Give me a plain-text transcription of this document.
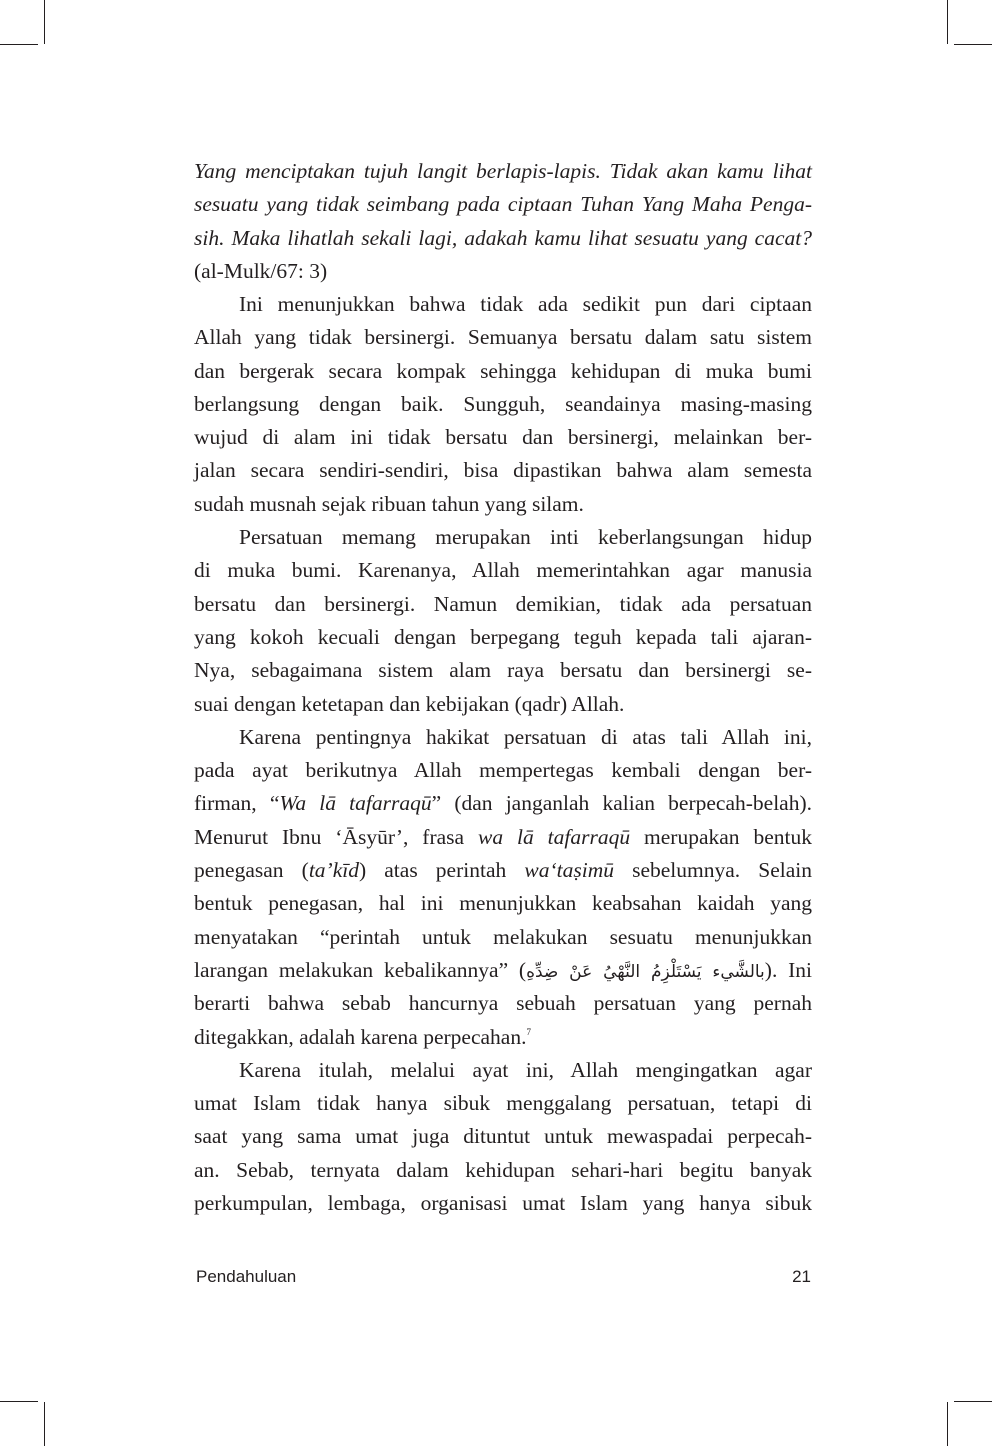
Yang menciptakan tujuh langit berlapis-lapis. Tidak akan kamu lihat
sesuatu yang tidak seimbang pada ciptaan Tuhan Yang Maha Penga-
sih. Maka lihatlah sekali lagi, adakah kamu lihat sesuatu yang cacat?
(al-Mulk/67: 3)
Ini menunjukkan bahwa tidak ada sedikit pun dari ciptaan
Allah yang tidak bersinergi. Semuanya bersatu dalam satu sistem
dan bergerak secara kompak sehingga kehidupan di muka bumi
berlangsung dengan baik. Sungguh, seandainya masing-masing
wujud di alam ini tidak bersatu dan bersinergi, melainkan ber-
jalan secara sendiri-sendiri, bisa dipastikan bahwa alam semesta
sudah musnah sejak ribuan tahun yang silam.
Persatuan memang merupakan inti keberlangsungan hidup
di muka bumi. Karenanya, Allah memerintahkan agar manusia
bersatu dan bersinergi. Namun demikian, tidak ada persatuan
yang kokoh kecuali dengan berpegang teguh kepada tali ajaran-
Nya, sebagaimana sistem alam raya bersatu dan bersinergi se-
suai dengan ketetapan dan kebijakan (qadr) Allah.
Karena pentingnya hakikat persatuan di atas tali Allah ini,
pada ayat berikutnya Allah mempertegas kembali dengan ber-
firman, “Wa lā tafarraqū” (dan janganlah kalian berpecah-belah).
Menurut Ibnu ʻĀsyūr’, frasa wa lā tafarraqū merupakan bentuk
penegasan (ta’kīd) atas perintah wa‘taṣimū sebelumnya. Selain
bentuk penegasan, hal ini menunjukkan keabsahan kaidah yang
menyatakan “perintah untuk melakukan sesuatu menunjukkan
larangan melakukan kebalikannya” (بالشَّيء يَسْتَلْزِمُ النَّهْيُ عَنْ ضِدِّهِ). Ini
berarti bahwa sebab hancurnya sebuah persatuan yang pernah
ditegakkan, adalah karena perpecahan.$^7$
Karena itulah, melalui ayat ini, Allah mengingatkan agar
umat Islam tidak hanya sibuk menggalang persatuan, tetapi di
saat yang sama umat juga dituntut untuk mewaspadai perpecah-
an. Sebab, ternyata dalam kehidupan sehari-hari begitu banyak
perkumpulan, lembaga, organisasi umat Islam yang hanya sibuk
Pendahuluan	21
